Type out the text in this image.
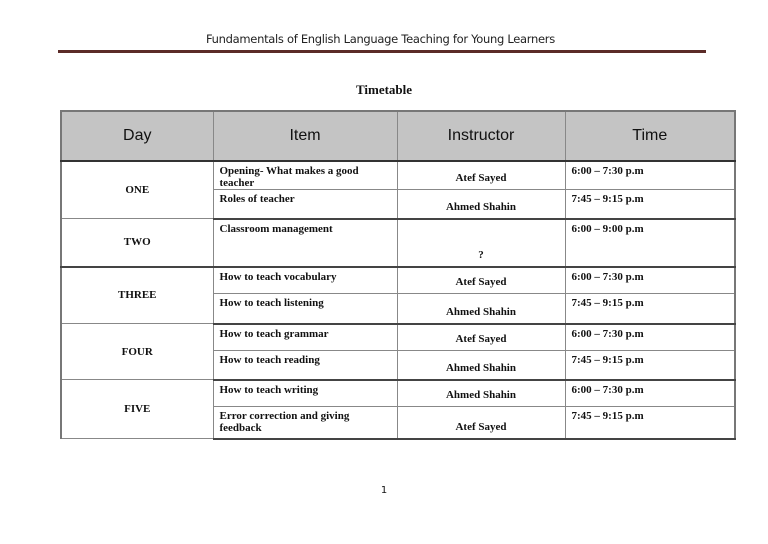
Fundamentals of English Language Teaching for Young Learners
Timetable
Day	Item	Instructor	Time
ONE	Opening- What makes a good teacher	Atef Sayed	6:00 – 7:30 p.m
	Roles of teacher	Ahmed Shahin	7:45 – 9:15 p.m
TWO	Classroom management	?	6:00 – 9:00 p.m
THREE	How to teach vocabulary	Atef Sayed	6:00 – 7:30 p.m
	How to teach listening	Ahmed Shahin	7:45 – 9:15 p.m
FOUR	How to teach grammar	Atef Sayed	6:00 – 7:30 p.m
	How to teach reading	Ahmed Shahin	7:45 – 9:15 p.m
FIVE	How to teach writing	Ahmed Shahin	6:00 – 7:30 p.m
	Error correction and giving feedback	Atef Sayed	7:45 – 9:15 p.m
1
